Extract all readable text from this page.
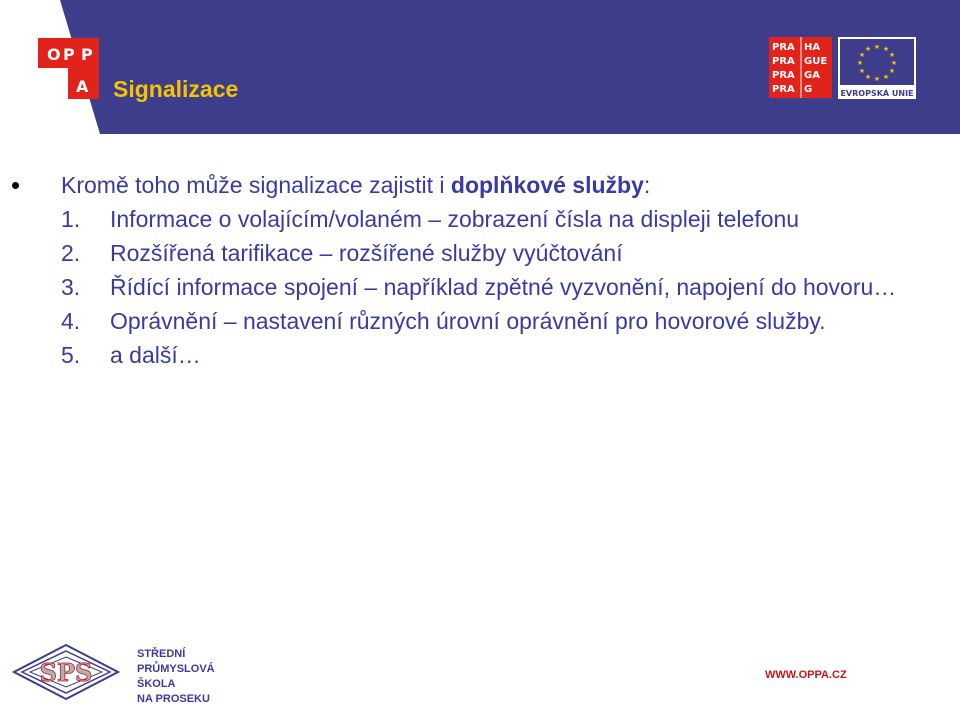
O P P
A Signalizace
PRA HA
PRA GUE
PRA GA
PRA G
★ ★
★
★
★
★
★
★
★
★
★
★
EVROPSKÁ UNIE
Kromě toho může signalizace zajistit i doplňkové služby:
1.	Informace o volajícím/volaném – zobrazení čísla na displeji telefonu
2.	Rozšířená tarifikace – rozšířené služby vyúčtování
3.	Řídící informace spojení – například zpětné vyzvonění, napojení do hovoru…
4.	Oprávnění – nastavení různých úrovní oprávnění pro hovorové služby.
5.	a další…
SPS
STŘEDNÍ
PRŮMYSLOVÁ
ŠKOLA
NA PROSEKU
WWW.OPPA.CZ
